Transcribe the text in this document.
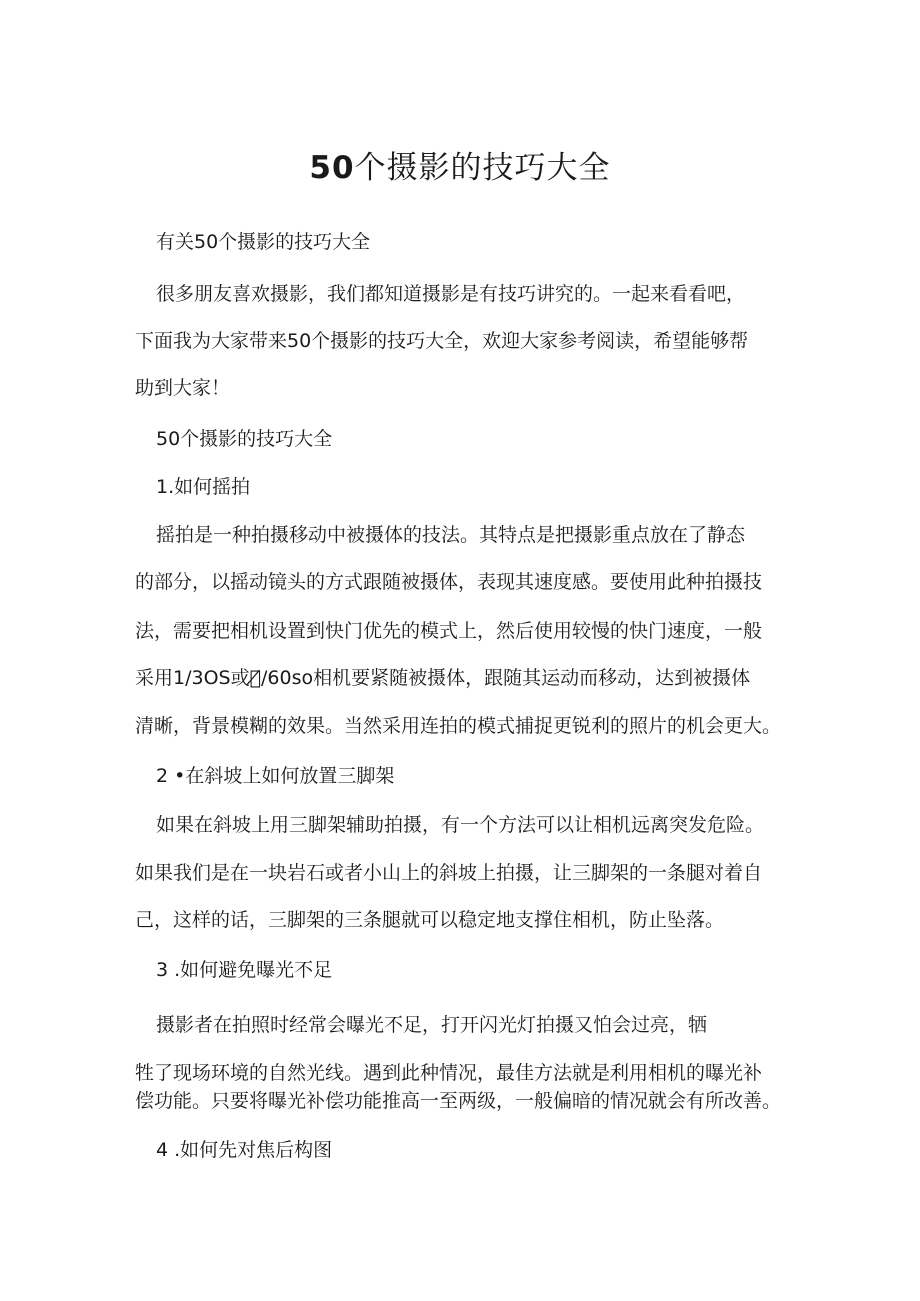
50个摄影的技巧大全

有关50个摄影的技巧大全

很多朋友喜欢摄影，我们都知道摄影是有技巧讲究的。一起来看看吧，

下面我为大家带来50个摄影的技巧大全，欢迎大家参考阅读，希望能够帮

助到大家！

50个摄影的技巧大全

1.如何摇拍

摇拍是一种拍摄移动中被摄体的技法。其特点是把摄影重点放在了静态

的部分，以摇动镜头的方式跟随被摄体，表现其速度感。要使用此种拍摄技

法，需要把相机设置到快门优先的模式上，然后使用较慢的快门速度，一般

采用1/3OS或者̸/60so相机要紧随被摄体，跟随其运动而移动，达到被摄体

清晰，背景模糊的效果。当然采用连拍的模式捕捉更锐利的照片的机会更大。

2 •在斜坡上如何放置三脚架

如果在斜坡上用三脚架辅助拍摄，有一个方法可以让相机远离突发危险。

如果我们是在一块岩石或者小山上的斜坡上拍摄，让三脚架的一条腿对着自

己，这样的话，三脚架的三条腿就可以稳定地支撑住相机，防止坠落。

3 .如何避免曝光不足

摄影者在拍照时经常会曝光不足，打开闪光灯拍摄又怕会过亮，牺

牲了现场环境的自然光线。遇到此种情况，最佳方法就是利用相机的曝光补

偿功能。只要将曝光补偿功能推高一至两级，一般偏暗的情况就会有所改善。

4 .如何先对焦后构图
